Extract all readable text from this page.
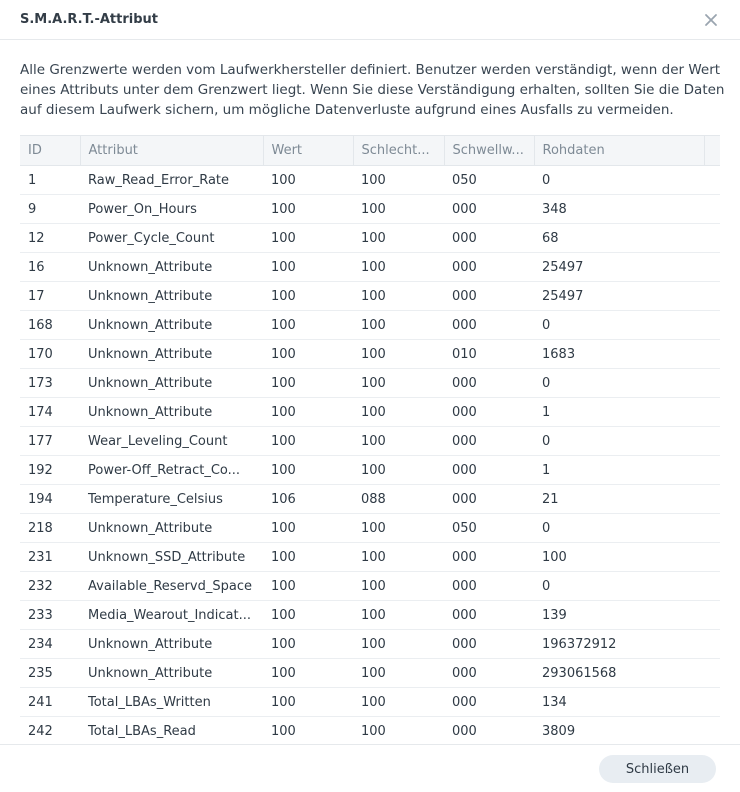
S.M.A.R.T.-Attribut
Alle Grenzwerte werden vom Laufwerkhersteller definiert. Benutzer werden verständigt, wenn der Wert
eines Attributs unter dem Grenzwert liegt. Wenn Sie diese Verständigung erhalten, sollten Sie die Daten
auf diesem Laufwerk sichern, um mögliche Datenverluste aufgrund eines Ausfalls zu vermeiden.
ID	Attribut	Wert	Schlecht...	Schwellw...	Rohdaten	
1	Raw_Read_Error_Rate	100	100	050	0	
9	Power_On_Hours	100	100	000	348	
12	Power_Cycle_Count	100	100	000	68	
16	Unknown_Attribute	100	100	000	25497	
17	Unknown_Attribute	100	100	000	25497	
168	Unknown_Attribute	100	100	000	0	
170	Unknown_Attribute	100	100	010	1683	
173	Unknown_Attribute	100	100	000	0	
174	Unknown_Attribute	100	100	000	1	
177	Wear_Leveling_Count	100	100	000	0	
192	Power-Off_Retract_Co...	100	100	000	1	
194	Temperature_Celsius	106	088	000	21	
218	Unknown_Attribute	100	100	050	0	
231	Unknown_SSD_Attribute	100	100	000	100	
232	Available_Reservd_Space	100	100	000	0	
233	Media_Wearout_Indicat...	100	100	000	139	
234	Unknown_Attribute	100	100	000	196372912	
235	Unknown_Attribute	100	100	000	293061568	
241	Total_LBAs_Written	100	100	000	134	
242	Total_LBAs_Read	100	100	000	3809	
Schließen
